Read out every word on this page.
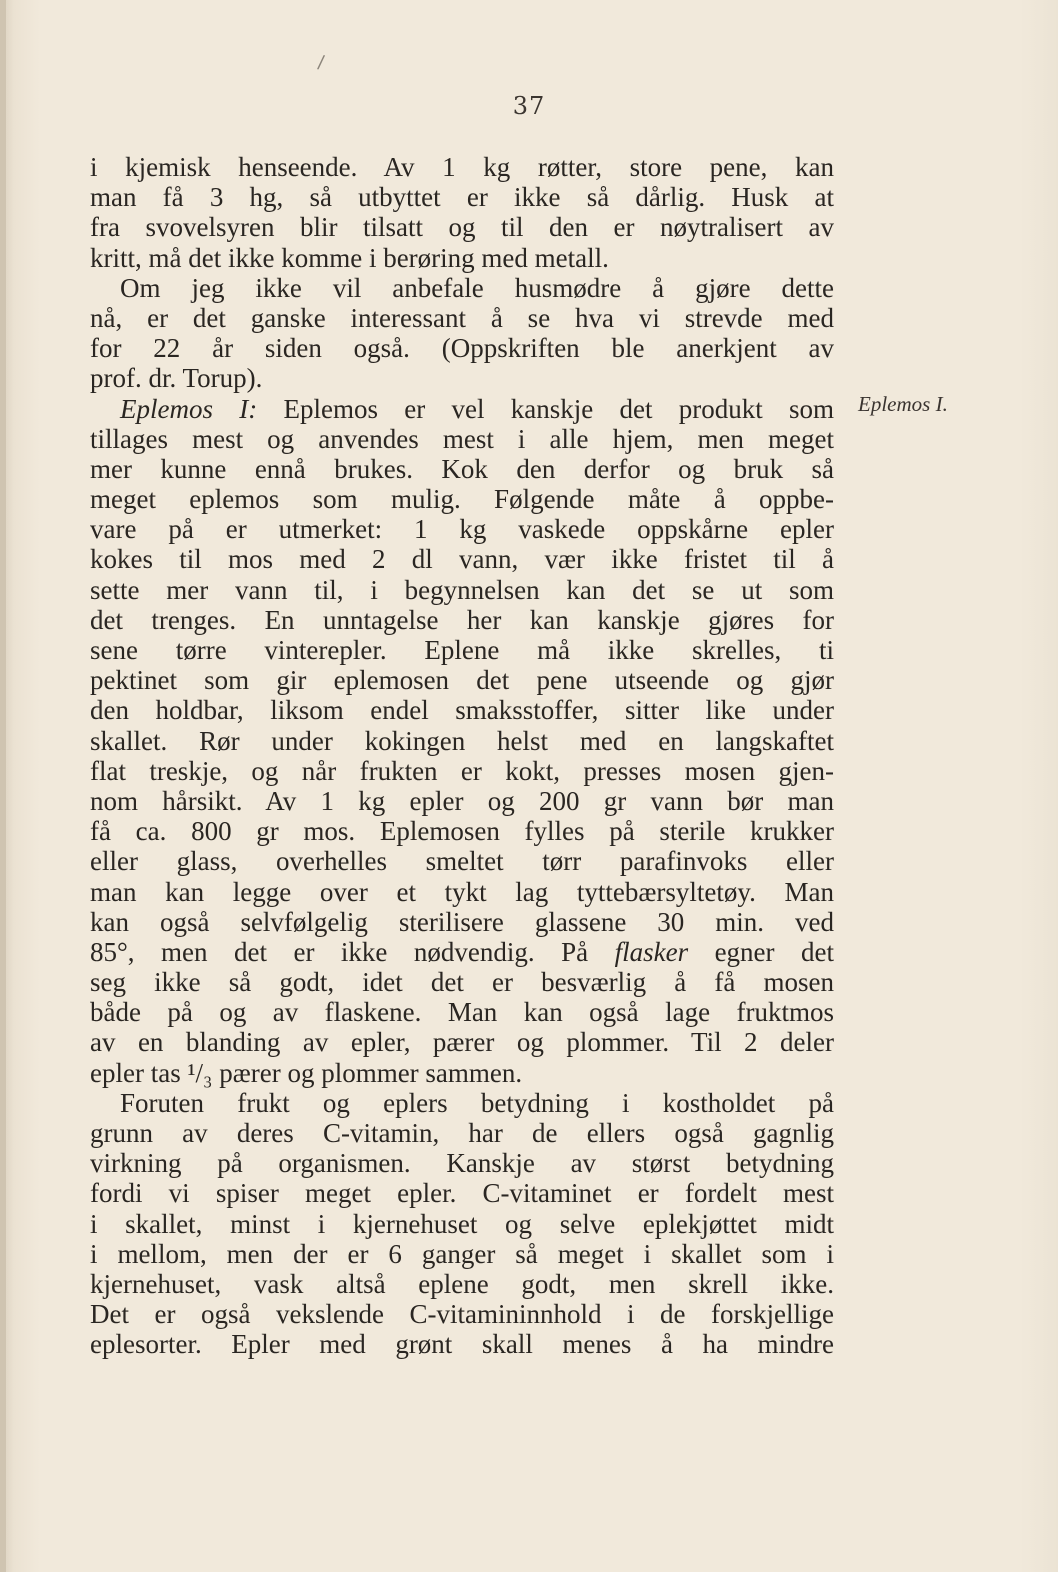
/
37
Eplemos I.
i kjemisk henseende. Av 1 kg røtter, store pene, kan
man få 3 hg, så utbyttet er ikke så dårlig. Husk at
fra svovelsyren blir tilsatt og til den er nøytralisert av
kritt, må det ikke komme i berøring med metall.
Om jeg ikke vil anbefale husmødre å gjøre dette
nå, er det ganske interessant å se hva vi strevde med
for 22 år siden også. (Oppskriften ble anerkjent av
prof. dr. Torup).
Eplemos I: Eplemos er vel kanskje det produkt som
tillages mest og anvendes mest i alle hjem, men meget
mer kunne ennå brukes. Kok den derfor og bruk så
meget eplemos som mulig. Følgende måte å oppbe-
vare på er utmerket: 1 kg vaskede oppskårne epler
kokes til mos med 2 dl vann, vær ikke fristet til å
sette mer vann til, i begynnelsen kan det se ut som
det trenges. En unntagelse her kan kanskje gjøres for
sene tørre vinterepler. Eplene må ikke skrelles, ti
pektinet som gir eplemosen det pene utseende og gjør
den holdbar, liksom endel smaksstoffer, sitter like under
skallet. Rør under kokingen helst med en langskaftet
flat treskje, og når frukten er kokt, presses mosen gjen-
nom hårsikt. Av 1 kg epler og 200 gr vann bør man
få ca. 800 gr mos. Eplemosen fylles på sterile krukker
eller glass, overhelles smeltet tørr parafinvoks eller
man kan legge over et tykt lag tyttebærsyltetøy. Man
kan også selvfølgelig sterilisere glassene 30 min. ved
85°, men det er ikke nødvendig. På flasker egner det
seg ikke så godt, idet det er besværlig å få mosen
både på og av flaskene. Man kan også lage fruktmos
av en blanding av epler, pærer og plommer. Til 2 deler
epler tas ¹/₃ pærer og plommer sammen.
Foruten frukt og eplers betydning i kostholdet på
grunn av deres C-vitamin, har de ellers også gagnlig
virkning på organismen. Kanskje av størst betydning
fordi vi spiser meget epler. C-vitaminet er fordelt mest
i skallet, minst i kjernehuset og selve eplekjøttet midt
i mellom, men der er 6 ganger så meget i skallet som i
kjernehuset, vask altså eplene godt, men skrell ikke.
Det er også vekslende C-vitamininnhold i de forskjellige
eplesorter. Epler med grønt skall menes å ha mindre
